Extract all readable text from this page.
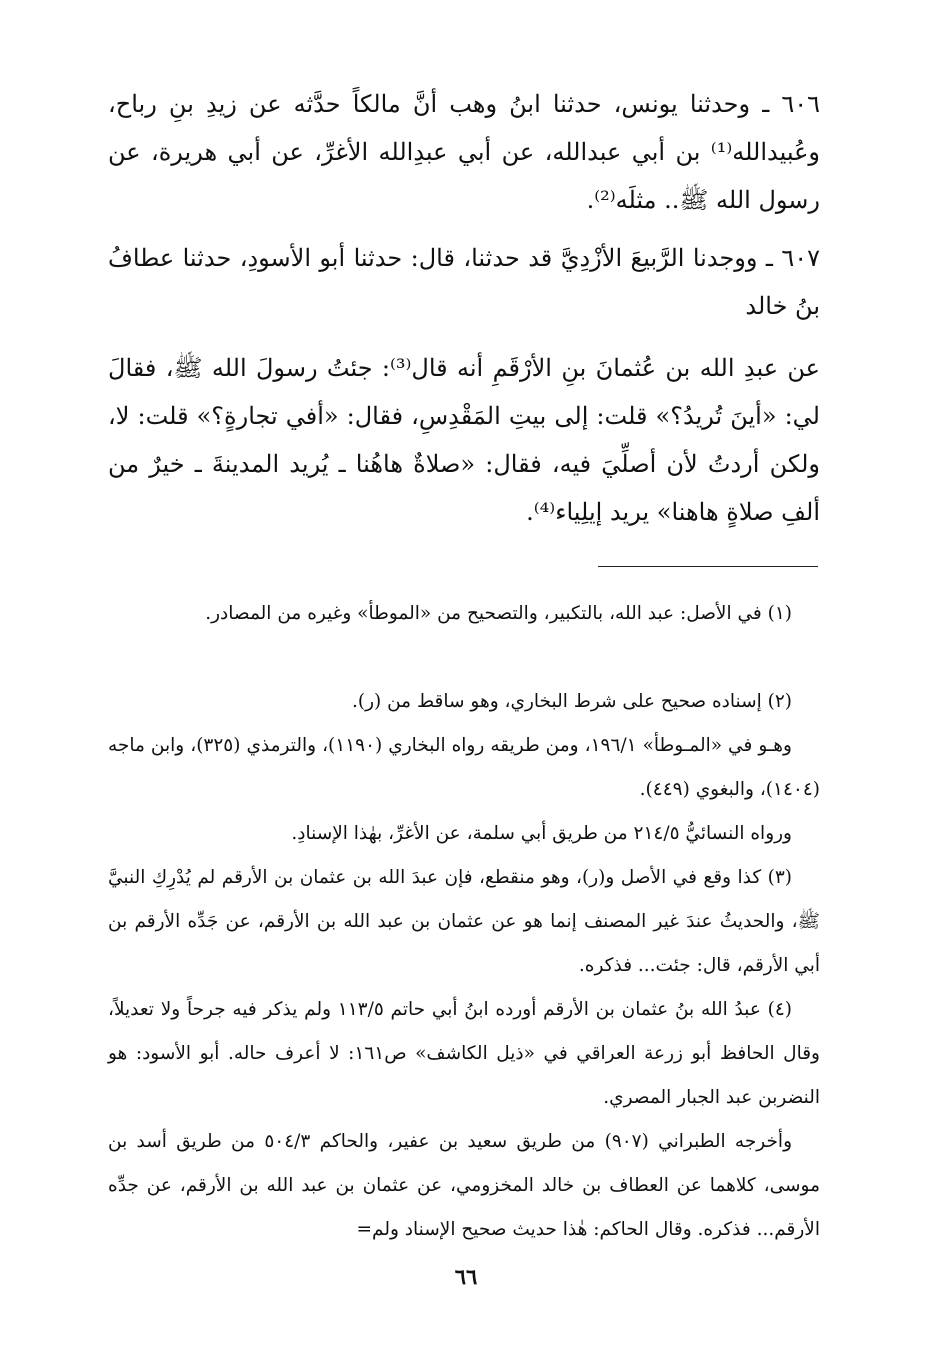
٦٠٦ ـ وحدثنا يونس، حدثنا ابنُ وهب أنَّ مالكاً حدَّثه عن زيدِ بنِ رباح، وعُبيدالله⁽¹⁾ بن أبي عبدالله، عن أبي عبدِالله الأغرِّ، عن أبي هريرة، عن رسول الله ﷺ.. مثلَه⁽²⁾.

٦٠٧ ـ ووجدنا الرَّبيعَ الأزْدِيَّ قد حدثنا، قال: حدثنا أبو الأسودِ، حدثنا عطافُ بنُ خالد

عن عبدِ الله بن عُثمانَ بنِ الأرْقَمِ أنه قال⁽³⁾: جئتُ رسولَ الله ﷺ، فقالَ لي: «أينَ تُريدُ؟» قلت: إلى بيتِ المَقْدِسِ، فقال: «أفي تجارةٍ؟» قلت: لا، ولكن أردتُ لأن أصلِّيَ فيه، فقال: «صلاةٌ هاهُنا ـ يُريد المدينةَ ـ خيرٌ من ألفِ صلاةٍ هاهنا» يريد إيلِياء⁽⁴⁾.

(١) في الأصل: عبد الله، بالتكبير، والتصحيح من «الموطأ» وغيره من المصادر.

(٢) إسناده صحيح على شرط البخاري، وهو ساقط من (ر).

وهـو في «المـوطأ» ١٩٦/١، ومن طريقه رواه البخاري (١١٩٠)، والترمذي (٣٢٥)، وابن ماجه (١٤٠٤)، والبغوي (٤٤٩).

ورواه النسائيُّ ٢١٤/٥ من طريق أبي سلمة، عن الأغرِّ، بهٰذا الإسنادِ.

(٣) كذا وقع في الأصل و(ر)، وهو منقطع، فإن عبدَ الله بن عثمان بن الأرقم لم يُدْرِكِ النبيَّ ﷺ، والحديثُ عندَ غير المصنف إنما هو عن عثمان بن عبد الله بن الأرقم، عن جَدِّه الأرقم بن أبي الأرقم، قال: جئت... فذكره.

(٤) عبدُ الله بنُ عثمان بن الأرقم أورده ابنُ أبي حاتم ١١٣/٥ ولم يذكر فيه جرحاً ولا تعديلاً، وقال الحافظ أبو زرعة العراقي في «ذيل الكاشف» ص١٦١: لا أعرف حاله. أبو الأسود: هو النضربن عبد الجبار المصري.

وأخرجه الطبراني (٩٠٧) من طريق سعيد بن عفير، والحاكم ٥٠٤/٣ من طريق أسد بن موسى، كلاهما عن العطاف بن خالد المخزومي، عن عثمان بن عبد الله بن الأرقم، عن جدِّه الأرقم... فذكره. وقال الحاكم: هٰذا حديث صحيح الإسناد ولم=

٦٦
